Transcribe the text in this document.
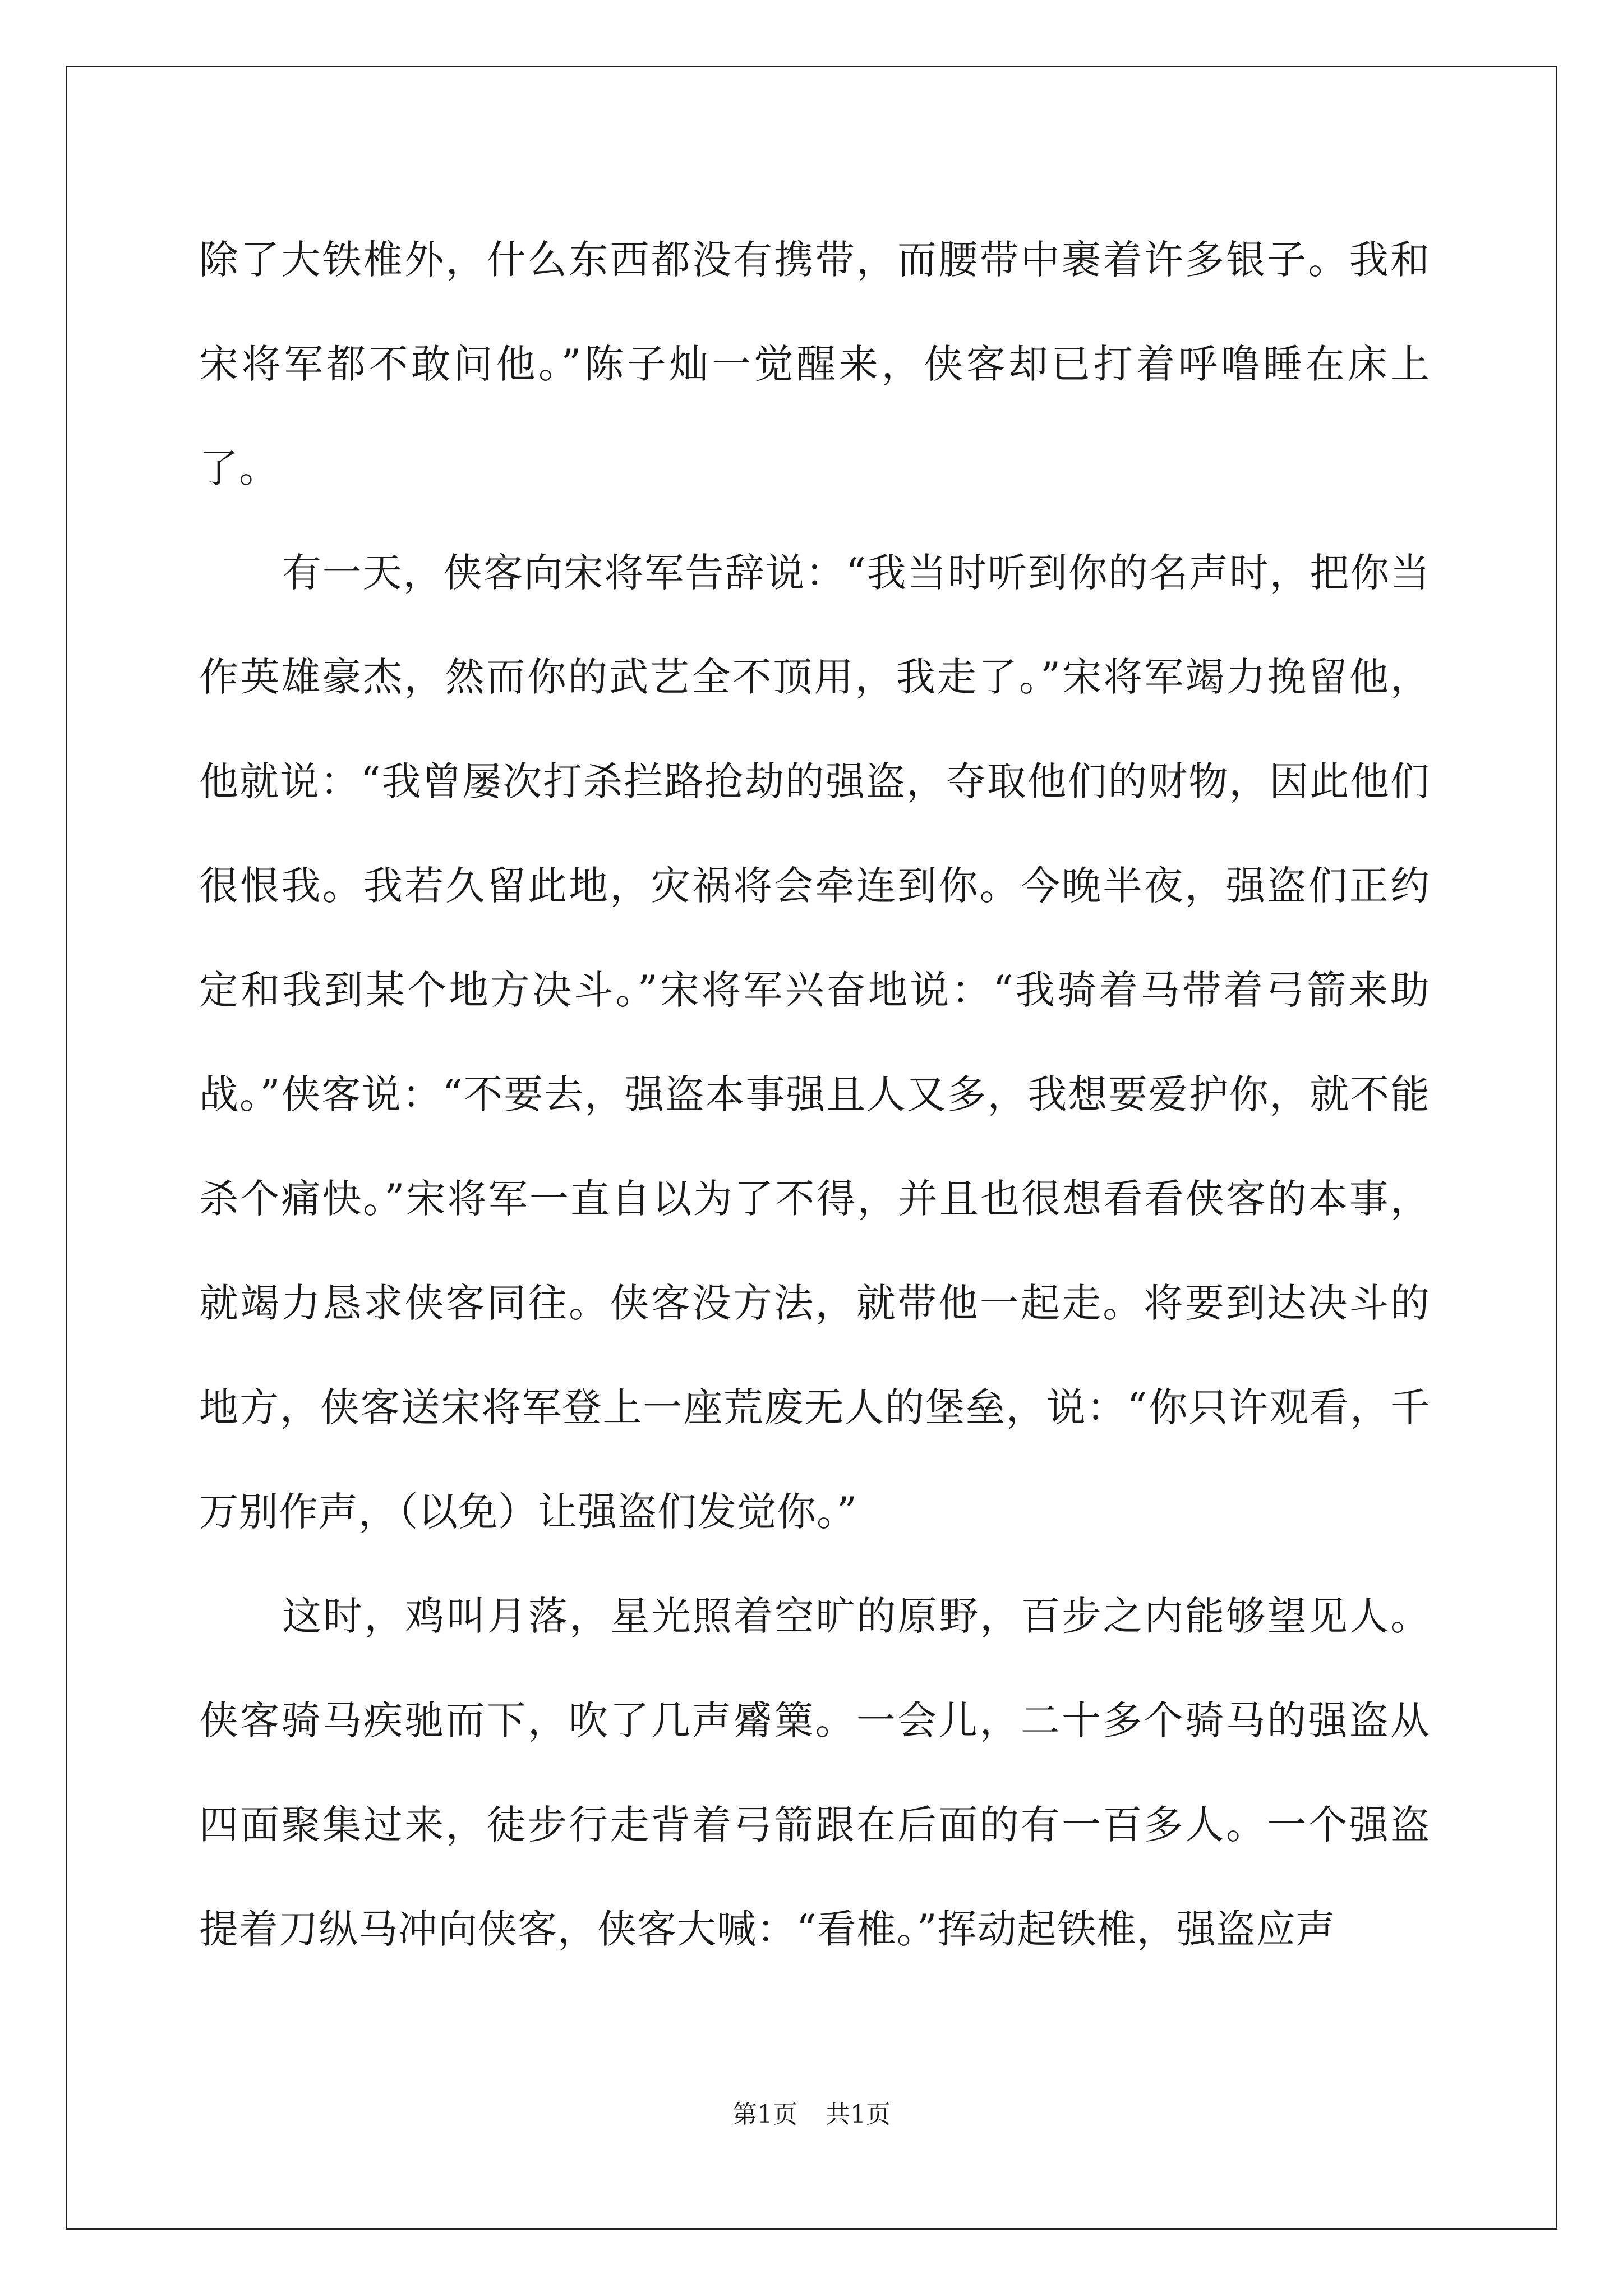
除了大铁椎外，什么东西都没有携带，而腰带中裹着许多银子。我和宋将军都不敢问他。”陈子灿一觉醒来，侠客却已打着呼噜睡在床上了。

有一天，侠客向宋将军告辞说：“我当时听到你的名声时，把你当作英雄豪杰，然而你的武艺全不顶用，我走了。”宋将军竭力挽留他，他就说：“我曾屡次打杀拦路抢劫的强盗，夺取他们的财物，因此他们很恨我。我若久留此地，灾祸将会牵连到你。今晚半夜，强盗们正约定和我到某个地方决斗。”宋将军兴奋地说：“我骑着马带着弓箭来助战。”侠客说：“不要去，强盗本事强且人又多，我想要爱护你，就不能杀个痛快。”宋将军一直自以为了不得，并且也很想看看侠客的本事，就竭力恳求侠客同往。侠客没方法，就带他一起走。将要到达决斗的地方，侠客送宋将军登上一座荒废无人的堡垒，说：“你只许观看，千万别作声，（以免）让强盗们发觉你。”

这时，鸡叫月落，星光照着空旷的原野，百步之内能够望见人。侠客骑马疾驰而下，吹了几声觱篥。一会儿，二十多个骑马的强盗从四面聚集过来，徒步行走背着弓箭跟在后面的有一百多人。一个强盗提着刀纵马冲向侠客，侠客大喊：“看椎。”挥动起铁椎，强盗应声

第1页 共1页
